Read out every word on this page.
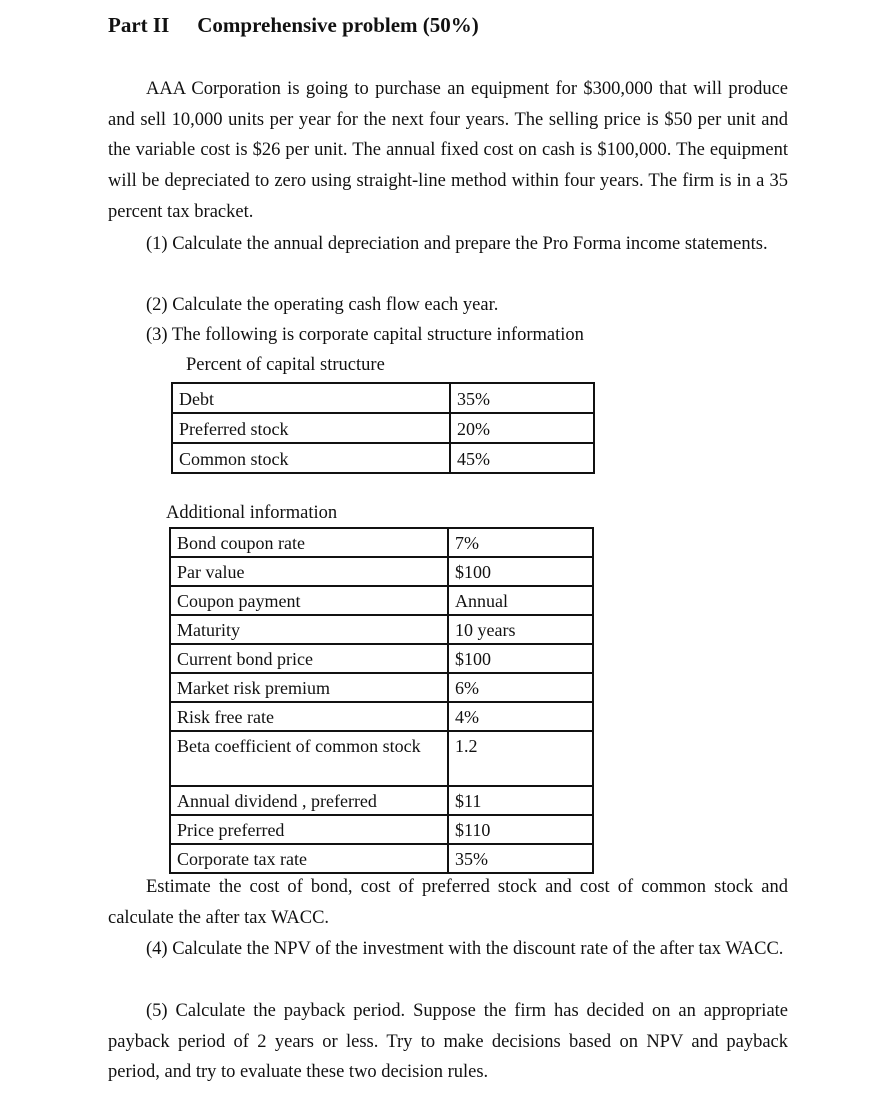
Part II Comprehensive problem (50%)

AAA Corporation is going to purchase an equipment for $300,000 that will produce and sell 10,000 units per year for the next four years. The selling price is $50 per unit and the variable cost is $26 per unit. The annual fixed cost on cash is $100,000. The equipment will be depreciated to zero using straight-line method within four years. The firm is in a 35 percent tax bracket.

(1) Calculate the annual depreciation and prepare the Pro Forma income statements.

(2) Calculate the operating cash flow each year.

(3) The following is corporate capital structure information

Percent of capital structure

Debt	35%
Preferred stock	20%
Common stock	45%

Additional information

Bond coupon rate	7%
Par value	$100
Coupon payment	Annual
Maturity	10 years
Current bond price	$100
Market risk premium	6%
Risk free rate	4%
Beta coefficient of common stock	1.2
Annual dividend , preferred	$11
Price preferred	$110
Corporate tax rate	35%

Estimate the cost of bond, cost of preferred stock and cost of common stock and calculate the after tax WACC.

(4) Calculate the NPV of the investment with the discount rate of the after tax WACC.

(5) Calculate the payback period. Suppose the firm has decided on an appropriate payback period of 2 years or less. Try to make decisions based on NPV and payback period, and try to evaluate these two decision rules.
